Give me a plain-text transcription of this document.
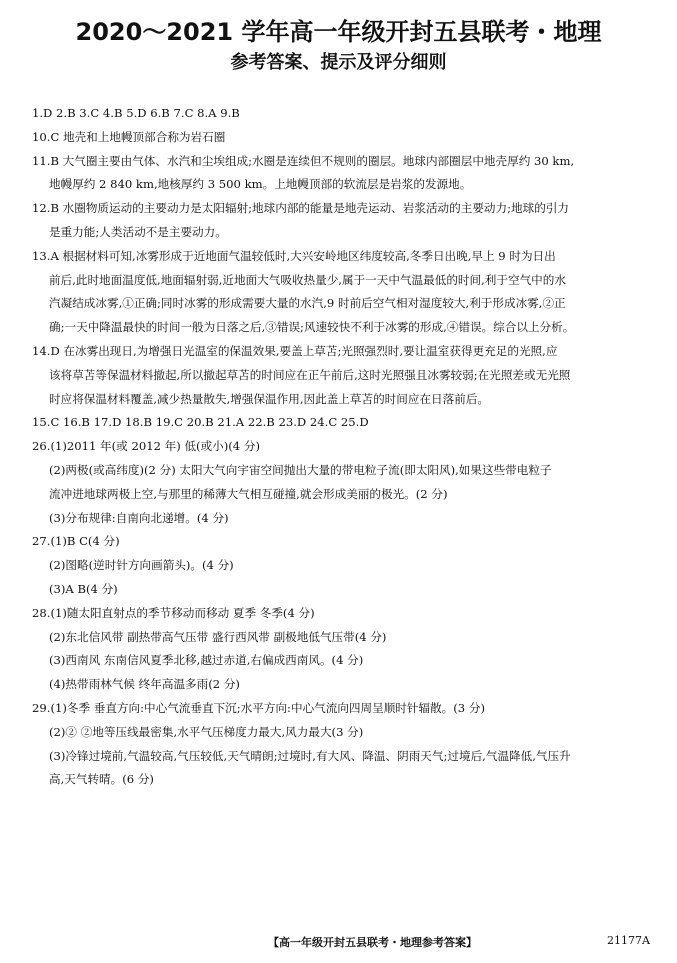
2020～2021 学年高一年级开封五县联考・地理
参考答案、提示及评分细则

1.D 2.B 3.C 4.B 5.D 6.B 7.C 8.A 9.B

10.C 地壳和上地幔顶部合称为岩石圈

11.B 大气圈主要由气体、水汽和尘埃组成;水圈是连续但不规则的圈层。地球内部圈层中地壳厚约 30 km,

地幔厚约 2 840 km,地核厚约 3 500 km。上地幔顶部的软流层是岩浆的发源地。

12.B 水圈物质运动的主要动力是太阳辐射;地球内部的能量是地壳运动、岩浆活动的主要动力;地球的引力

是重力能;人类活动不是主要动力。

13.A 根据材料可知,冰雾形成于近地面气温较低时,大兴安岭地区纬度较高,冬季日出晚,早上 9 时为日出

前后,此时地面温度低,地面辐射弱,近地面大气吸收热量少,属于一天中气温最低的时间,利于空气中的水

汽凝结成冰雾,①正确;同时冰雾的形成需要大量的水汽,9 时前后空气相对湿度较大,利于形成冰雾,②正

确;一天中降温最快的时间一般为日落之后,③错误;风速较快不利于冰雾的形成,④错误。综合以上分析。

14.D 在冰雾出现日,为增强日光温室的保温效果,要盖上草苫;光照强烈时,要让温室获得更充足的光照,应

该将草苫等保温材料撤起,所以撤起草苫的时间应在正午前后,这时光照强且冰雾较弱;在光照差或无光照

时应将保温材料覆盖,减少热量散失,增强保温作用,因此盖上草苫的时间应在日落前后。

15.C 16.B 17.D 18.B 19.C 20.B 21.A 22.B 23.D 24.C 25.D

26.(1)2011 年(或 2012 年) 低(或小)(4 分)

(2)两极(或高纬度)(2 分) 太阳大气向宇宙空间抛出大量的带电粒子流(即太阳风),如果这些带电粒子

流冲进地球两极上空,与那里的稀薄大气相互碰撞,就会形成美丽的极光。(2 分)

(3)分布规律:自南向北递增。(4 分)

27.(1)B C(4 分)

(2)图略(逆时针方向画箭头)。(4 分)

(3)A B(4 分)

28.(1)随太阳直射点的季节移动而移动 夏季 冬季(4 分)

(2)东北信风带 副热带高气压带 盛行西风带 副极地低气压带(4 分)

(3)西南风 东南信风夏季北移,越过赤道,右偏成西南风。(4 分)

(4)热带雨林气候 终年高温多雨(2 分)

29.(1)冬季 垂直方向:中心气流垂直下沉;水平方向:中心气流向四周呈顺时针辐散。(3 分)

(2)② ②地等压线最密集,水平气压梯度力最大,风力最大(3 分)

(3)冷锋过境前,气温较高,气压较低,天气晴朗;过境时,有大风、降温、阴雨天气;过境后,气温降低,气压升

高,天气转晴。(6 分)

【高一年级开封五县联考・地理参考答案】	21177A
